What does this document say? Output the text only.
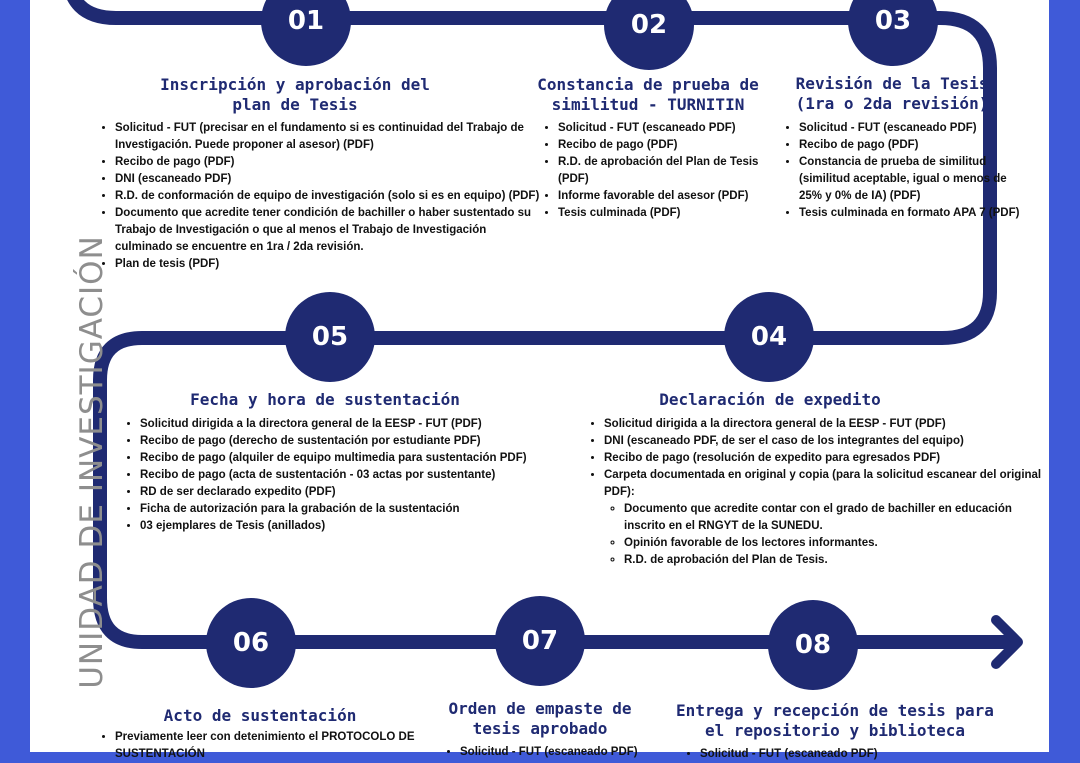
UNIDAD DE INVESTIGACIÓN
01
Inscripción y aprobación del
plan de Tesis
• Solicitud - FUT (precisar en el fundamento si es continuidad del Trabajo de Investigación. Puede proponer al asesor) (PDF)
• Recibo de pago (PDF)
• DNI (escaneado PDF)
• R.D. de conformación de equipo de investigación (solo si es en equipo) (PDF)
• Documento que acredite tener condición de bachiller o haber sustentado su Trabajo de Investigación o que al menos el Trabajo de Investigación culminado se encuentre en 1ra / 2da revisión.
• Plan de tesis (PDF)
02
Constancia de prueba de
similitud - TURNITIN
• Solicitud - FUT (escaneado PDF)
• Recibo de pago (PDF)
• R.D. de aprobación del Plan de Tesis (PDF)
• Informe favorable del asesor (PDF)
• Tesis culminada (PDF)
03
Revisión de la Tesis
(1ra o 2da revisión)
• Solicitud - FUT (escaneado PDF)
• Recibo de pago (PDF)
• Constancia de prueba de similitud (similitud aceptable, igual o menos de 25% y 0% de IA) (PDF)
• Tesis culminada en formato APA 7 (PDF)
05
Fecha y hora de sustentación
• Solicitud dirigida a la directora general de la EESP - FUT (PDF)
• Recibo de pago (derecho de sustentación por estudiante PDF)
• Recibo de pago (alquiler de equipo multimedia para sustentación PDF)
• Recibo de pago (acta de sustentación - 03 actas por sustentante)
• RD de ser declarado expedito (PDF)
• Ficha de autorización para la grabación de la sustentación
• 03 ejemplares de Tesis (anillados)
04
Declaración de expedito
• Solicitud dirigida a la directora general de la EESP - FUT (PDF)
• DNI (escaneado PDF, de ser el caso de los integrantes del equipo)
• Recibo de pago (resolución de expedito para egresados PDF)
• Carpeta documentada en original y copia (para la solicitud escanear del original PDF):
◦ Documento que acredite contar con el grado de bachiller en educación inscrito en el RNGYT de la SUNEDU.
◦ Opinión favorable de los lectores informantes.
◦ R.D. de aprobación del Plan de Tesis.
06
Acto de sustentación
• Previamente leer con detenimiento el PROTOCOLO DE SUSTENTACIÓN
07
Orden de empaste de
tesis aprobado
• Solicitud - FUT (escaneado PDF)
08
Entrega y recepción de tesis para
el repositorio y biblioteca
• Solicitud - FUT (escaneado PDF)
